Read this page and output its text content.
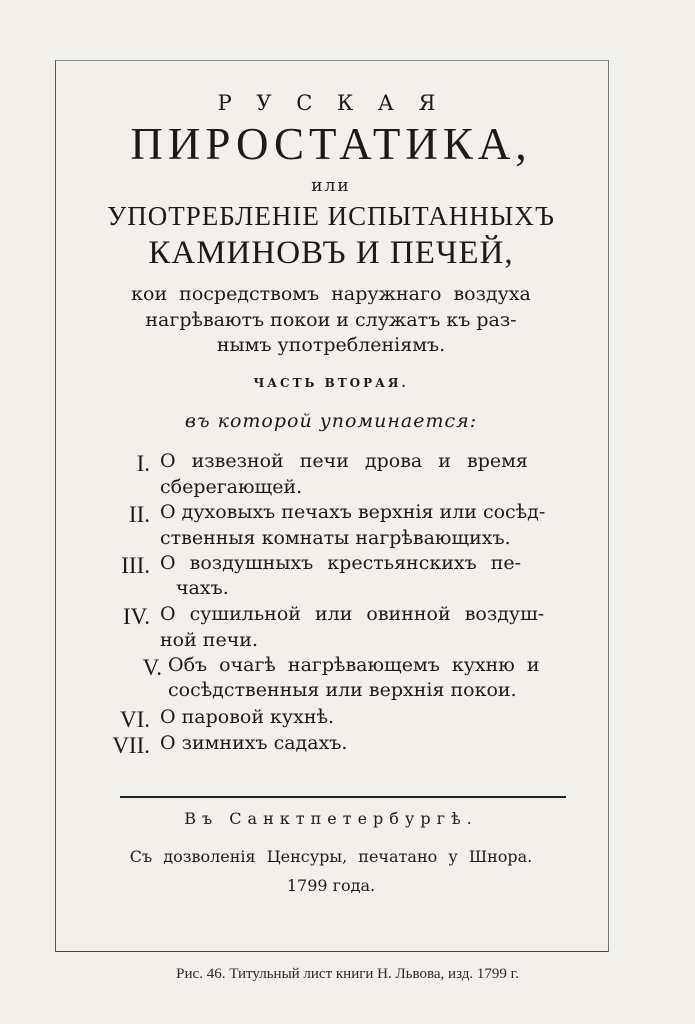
Р У С К А Я
ПИРОСТАТИКА,
или
УПОТРЕБЛЕНІЕ ИСПЫТАННЫХЪ
КАМИНОВЪ И ПЕЧЕЙ,
кои посредствомъ наружнаго воздуха
нагрѣваютъ покои и служатъ къ раз-
нымъ употребленіямъ.
ЧАСТЬ ВТОРАЯ.
въ которой упоминается:
I. О извезной печи дрова и время
сберегающей.
II. О духовыхъ печахъ верхнія или сосѣд-
ственныя комнаты нагрѣвающихъ.
III. О воздушныхъ крестьянскихъ пе-
чахъ.
IV. О сушильной или овинной воздуш-
ной печи.
V. Объ очагѣ нагрѣвающемъ кухню и
сосѣдственныя или верхнія покои.
VI. О паровой кухнѣ.
VII. О зимнихъ садахъ.
Въ Санктпетербургѣ.
Съ дозволенія Ценсуры, печатано у Шнора.
1799 года.
Рис. 46. Титульный лист книги Н. Львова, изд. 1799 г.
